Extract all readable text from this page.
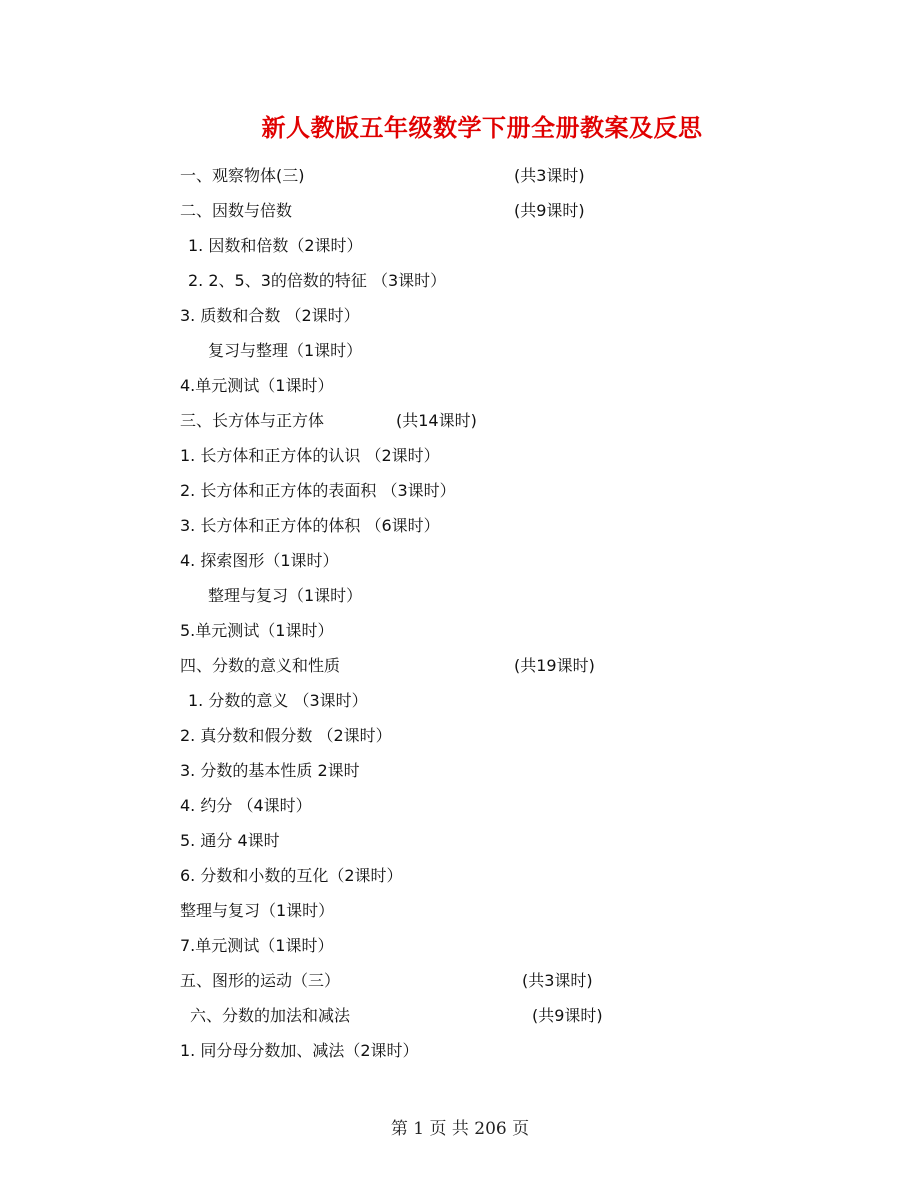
新人教版五年级数学下册全册教案及反思
一、观察物体(三)	(共3课时)
二、因数与倍数	(共9课时)
1. 因数和倍数（2课时）
2. 2、5、3的倍数的特征 （3课时）
3. 质数和合数 （2课时）
复习与整理（1课时）
4.单元测试（1课时）
三、长方体与正方体	(共14课时)
1. 长方体和正方体的认识 （2课时）
2. 长方体和正方体的表面积 （3课时）
3. 长方体和正方体的体积 （6课时）
4. 探索图形（1课时）
整理与复习（1课时）
5.单元测试（1课时）
四、分数的意义和性质	(共19课时)
1. 分数的意义 （3课时）
2. 真分数和假分数 （2课时）
3. 分数的基本性质 2课时
4. 约分 （4课时）
5. 通分 4课时
6. 分数和小数的互化（2课时）
整理与复习（1课时）
7.单元测试（1课时）
五、图形的运动（三）	(共3课时)
六、分数的加法和减法	(共9课时)
1. 同分母分数加、减法（2课时）
第 1 页 共 206 页
